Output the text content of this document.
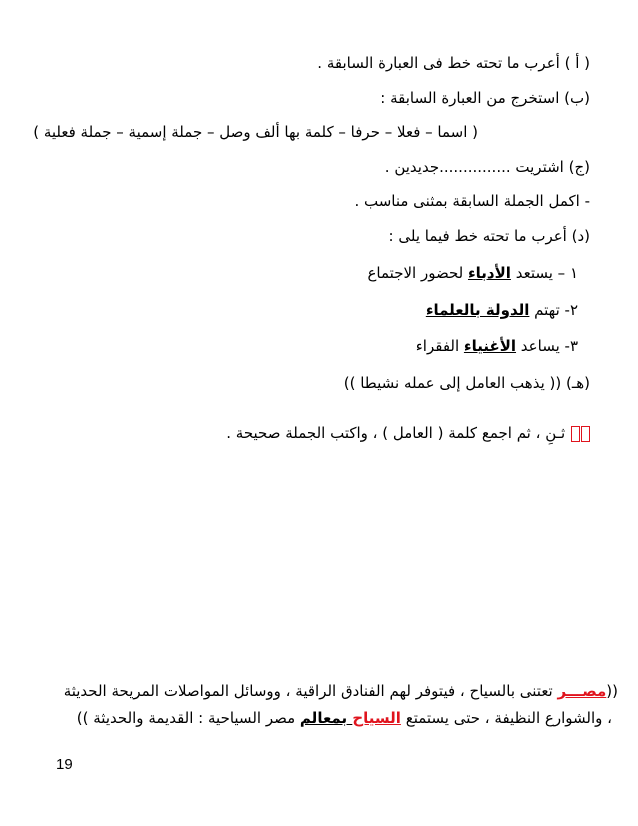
( أ ) أعرب ما تحته خط فى العبارة السابقة .
(ب) استخرج من العبارة السابقة :
( اسما – فعلا – حرفا – كلمة بها ألف وصل – جملة إسمية – جملة فعلية )
(ج) اشتريت ...............جديدين .
- اكمل الجملة السابقة بمثنى مناسب .
(د) أعرب ما تحته خط فيما يلى :
١ – يستعد الأدباء لحضور الاجتماع
٢- تهتم الدولة بالعلماء
٣- يساعد الأغنياء الفقراء
(هـ) (( يذهب العامل إلى عمله نشيطا ))
ثـنِ ، ثم اجمع كلمة ( العامل ) ، واكتب الجملة صحيحة .
((مصـــر تعتنى بالسياح ، فيتوفر لهم الفنادق الراقية ، ووسائل المواصلات المريحة الحديثة
، والشوارع النظيفة ، حتى يستمتع السياح بمعالم مصر السياحية : القديمة والحديثة ))
19
